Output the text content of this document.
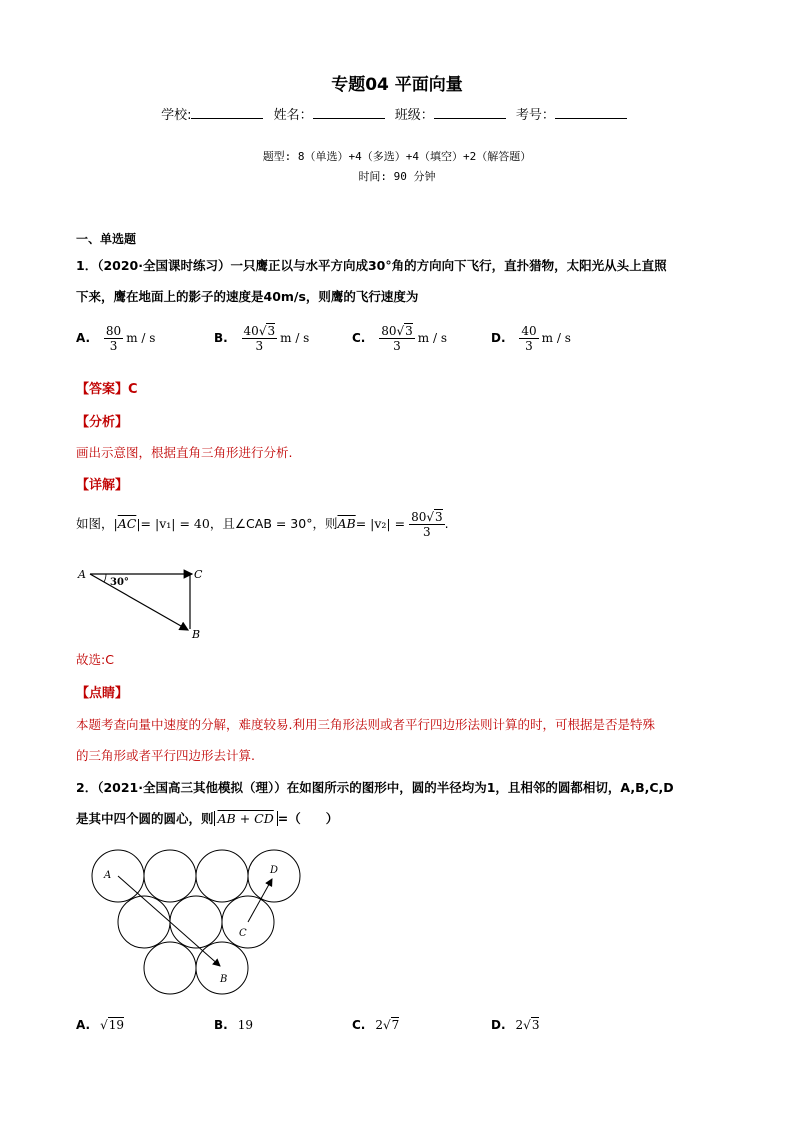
专题04 平面向量
学校:	姓名：	班级：	考号：
题型: 8（单选）+4（多选）+4（填空）+2（解答题）
时间: 90 分钟
一、单选题
1．（2020·全国课时练习）一只鹰正以与水平方向成30°角的方向向下飞行，直扑猎物，太阳光从头上直照
下来，鹰在地面上的影子的速度是40m/s，则鹰的飞行速度为
A. $\frac{80}{3}$ m / s	B. $\frac{40√3}{3}$ m / s	C. $\frac{80√3}{3}$ m / s	D. $\frac{40}{3}$ m / s
【答案】C
【分析】
画出示意图，根据直角三角形进行分析.
【详解】
如图，$|\overline{AC}|= |v_1| = 40$，且∠CAB = 30°，则$\overline{AB}= |v_2| = \frac{80√3}{3}$ .
A	C
B
30°
故选:C
【点睛】
本题考查向量中速度的分解，难度较易.利用三角形法则或者平行四边形法则计算的时，可根据是否是特殊
的三角形或者平行四边形去计算.
2．（2021·全国高三其他模拟（理））在如图所示的图形中，圆的半径均为1，且相邻的圆都相切，A,B,C,D
是其中四个圆的圆心，则 AB + CD =（　　）
A
B
C
D
A. √19	B. 19	C. 2√7	D. 2√3
